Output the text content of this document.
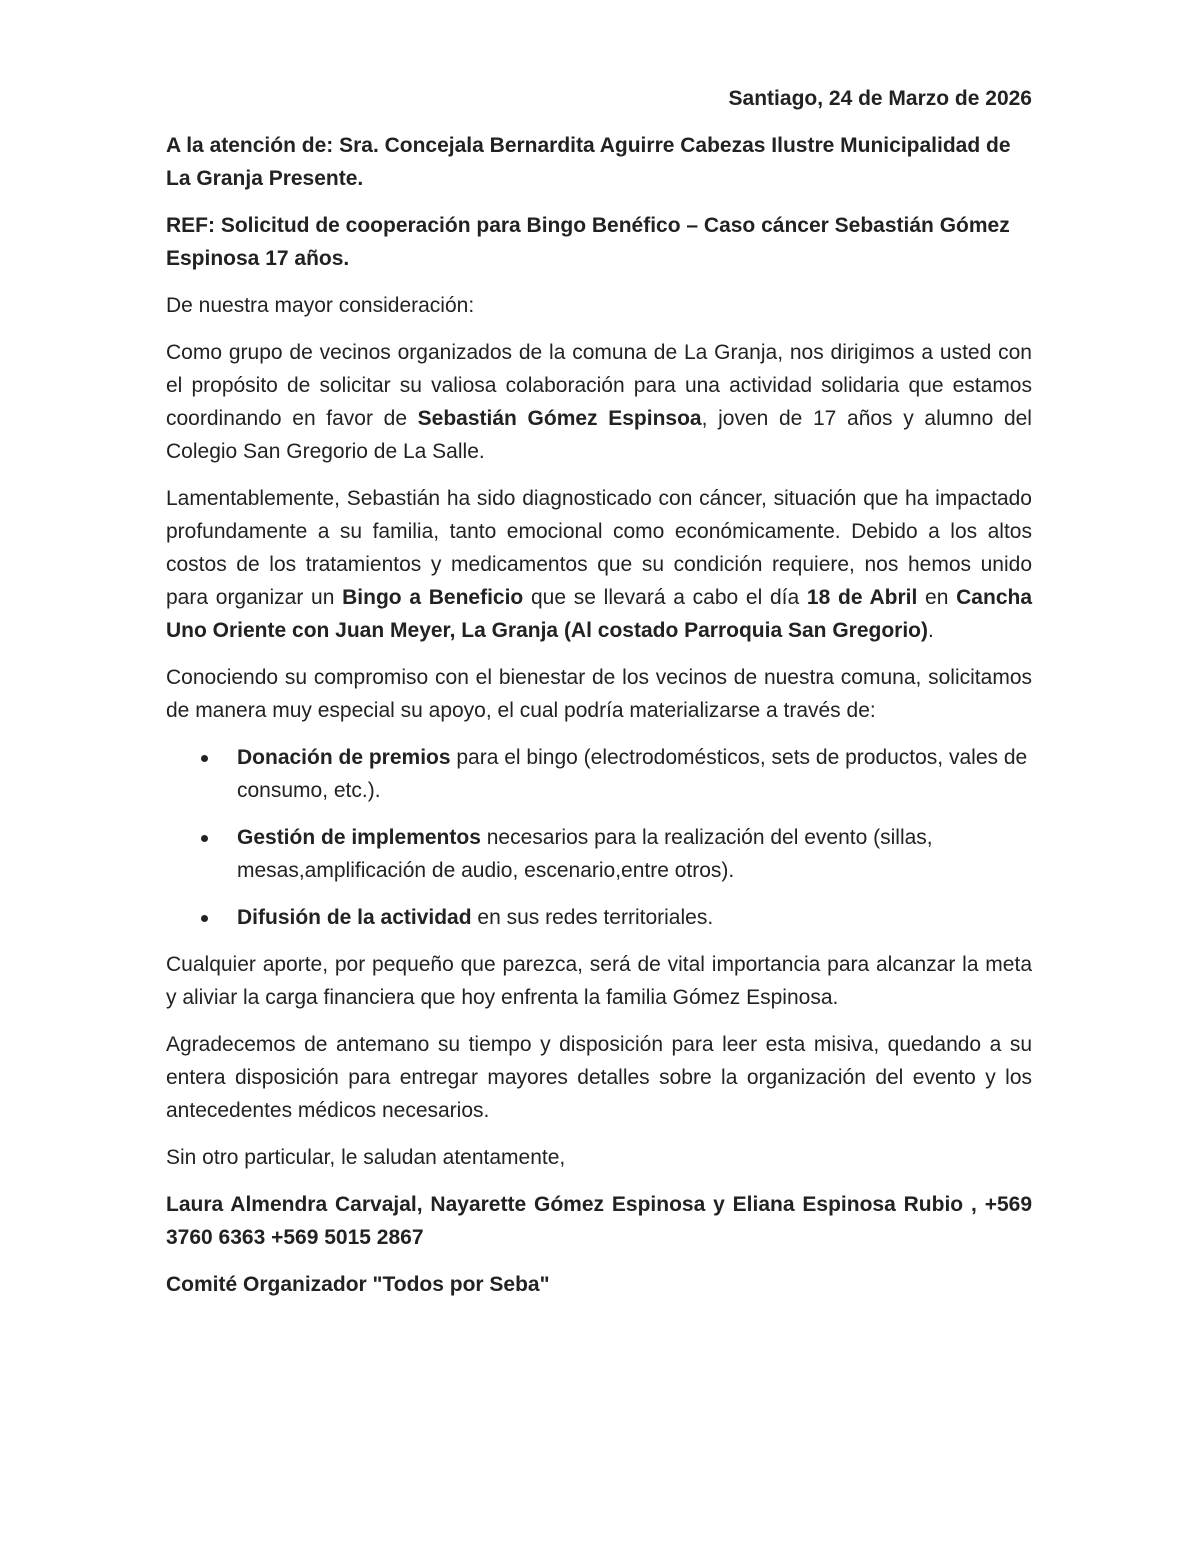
Santiago, 24 de Marzo de 2026

A la atención de: Sra. Concejala Bernardita Aguirre Cabezas Ilustre Municipalidad de La Granja Presente.

REF: Solicitud de cooperación para Bingo Benéfico – Caso cáncer Sebastián Gómez Espinosa 17 años.

De nuestra mayor consideración:

Como grupo de vecinos organizados de la comuna de La Granja, nos dirigimos a usted con el propósito de solicitar su valiosa colaboración para una actividad solidaria que estamos coordinando en favor de Sebastián Gómez Espinsoa, joven de 17 años y alumno del Colegio San Gregorio de La Salle.

Lamentablemente, Sebastián ha sido diagnosticado con cáncer, situación que ha impactado profundamente a su familia, tanto emocional como económicamente. Debido a los altos costos de los tratamientos y medicamentos que su condición requiere, nos hemos unido para organizar un Bingo a Beneficio que se llevará a cabo el día 18 de Abril en Cancha Uno Oriente con Juan Meyer, La Granja (Al costado Parroquia San Gregorio).

Conociendo su compromiso con el bienestar de los vecinos de nuestra comuna, solicitamos de manera muy especial su apoyo, el cual podría materializarse a través de:

Donación de premios para el bingo (electrodomésticos, sets de productos, vales de consumo, etc.).
Gestión de implementos necesarios para la realización del evento (sillas, mesas,amplificación de audio, escenario,entre otros).
Difusión de la actividad en sus redes territoriales.

Cualquier aporte, por pequeño que parezca, será de vital importancia para alcanzar la meta y aliviar la carga financiera que hoy enfrenta la familia Gómez Espinosa.

Agradecemos de antemano su tiempo y disposición para leer esta misiva, quedando a su entera disposición para entregar mayores detalles sobre la organización del evento y los antecedentes médicos necesarios.

Sin otro particular, le saludan atentamente,

Laura Almendra Carvajal, Nayarette Gómez Espinosa y Eliana Espinosa Rubio , +569 3760 6363 +569 5015 2867

Comité Organizador "Todos por Seba"
